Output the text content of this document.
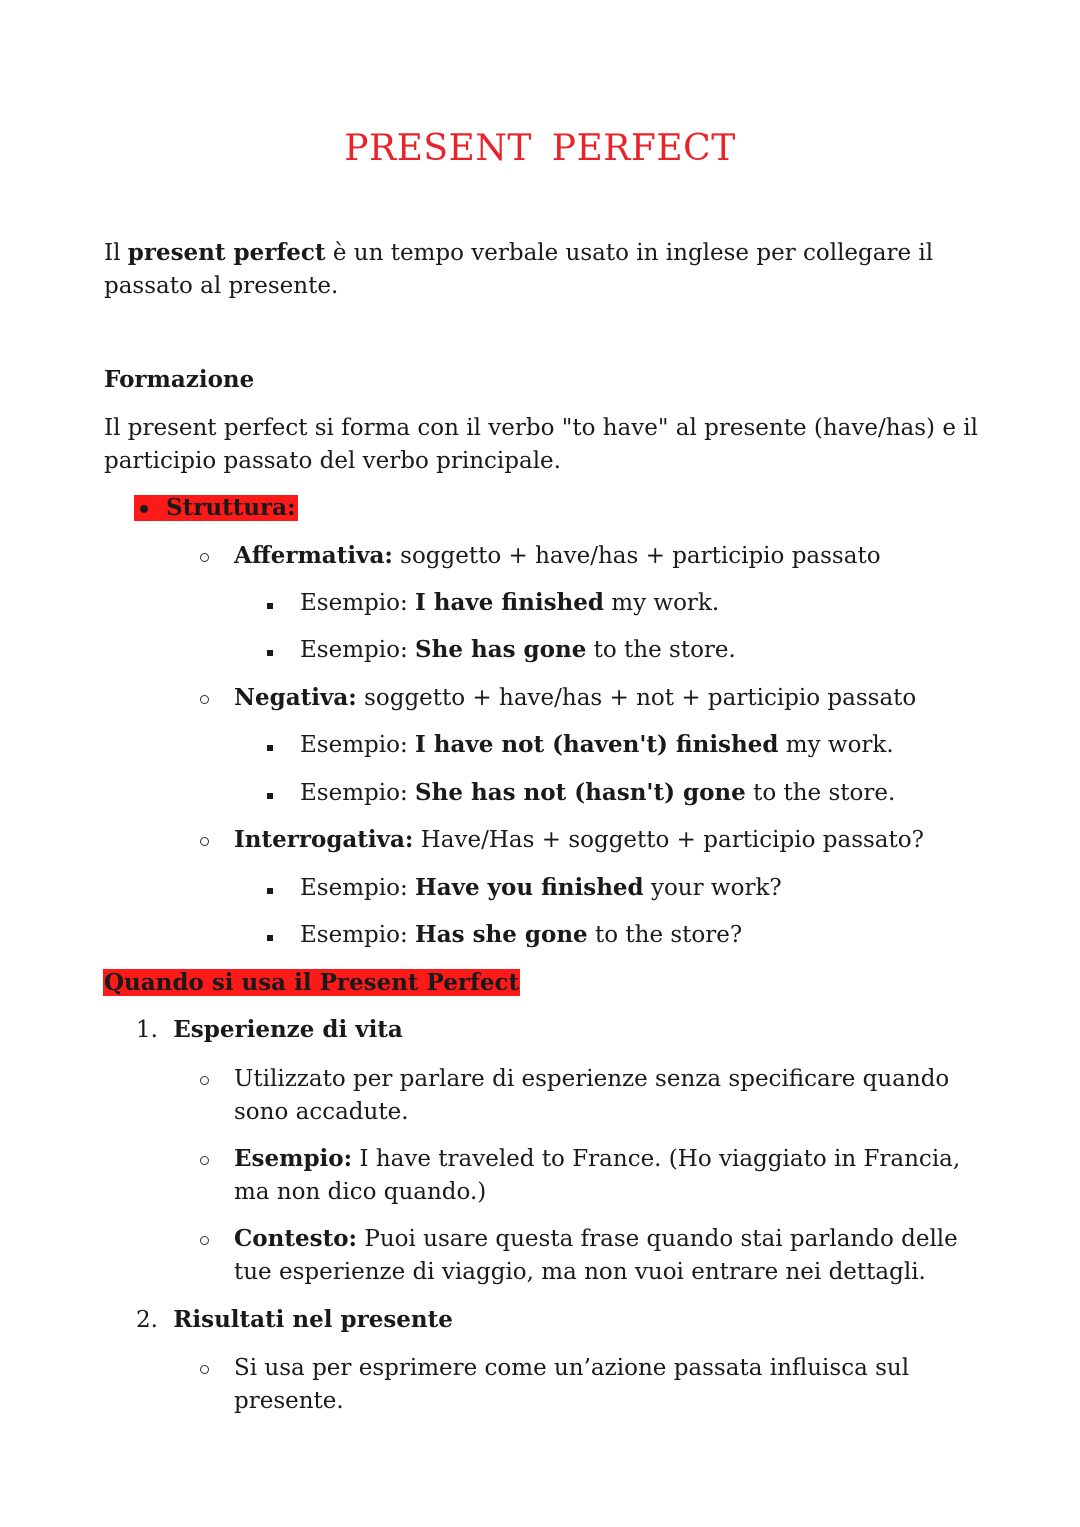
PRESENT PERFECT

Il present perfect è un tempo verbale usato in inglese per collegare il
passato al presente.

Formazione

Il present perfect si forma con il verbo "to have" al presente (have/has) e il
participio passato del verbo principale.

Struttura:
Affermativa: soggetto + have/has + participio passato
Esempio: I have finished my work.
Esempio: She has gone to the store.
Negativa: soggetto + have/has + not + participio passato
Esempio: I have not (haven't) finished my work.
Esempio: She has not (hasn't) gone to the store.
Interrogativa: Have/Has + soggetto + participio passato?
Esempio: Have you finished your work?
Esempio: Has she gone to the store?
Quando si usa il Present Perfect
1. Esperienze di vita
Utilizzato per parlare di esperienze senza specificare quando sono accadute.
Esempio: I have traveled to France. (Ho viaggiato in Francia, ma non dico quando.)
Contesto: Puoi usare questa frase quando stai parlando delle tue esperienze di viaggio, ma non vuoi entrare nei dettagli.
2. Risultati nel presente
Si usa per esprimere come un’azione passata influisca sul presente.
